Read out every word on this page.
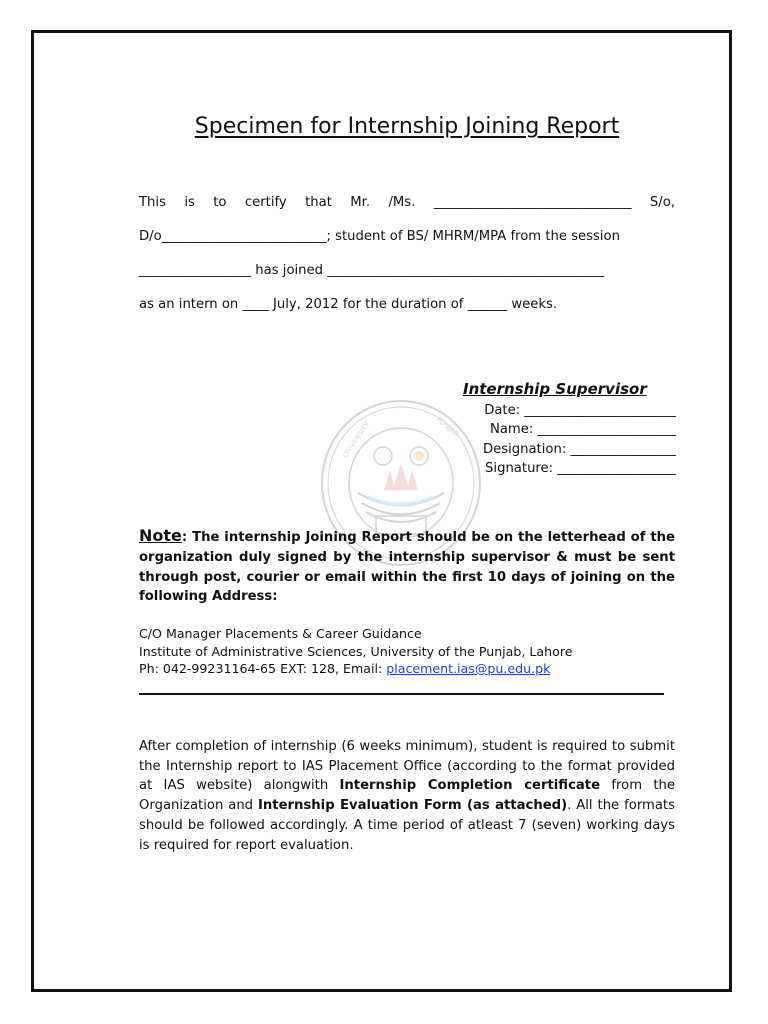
Specimen for Internship Joining Report
This is to certify that Mr. /Ms. ______________________________ S/o,
D/o_________________________; student of BS/ MHRM/MPA from the session
_________________ has joined __________________________________________
as an intern on ____ July, 2012 for the duration of ______ weeks.
UNIVERSITY	PUNJAB
Internship Supervisor
Date: _______________________
Name: _____________________
Designation: ________________
Signature: __________________
Note: The internship Joining Report should be on the letterhead of the organization duly signed by the internship supervisor & must be sent through post, courier or email within the first 10 days of joining on the following Address:
C/O Manager Placements & Career Guidance
Institute of Administrative Sciences, University of the Punjab, Lahore
Ph: 042-99231164-65 EXT: 128, Email: placement.ias@pu.edu.pk
After completion of internship (6 weeks minimum), student is required to submit the Internship report to IAS Placement Office (according to the format provided at IAS website) alongwith Internship Completion certificate from the Organization and Internship Evaluation Form (as attached). All the formats should be followed accordingly. A time period of atleast 7 (seven) working days is required for report evaluation.
